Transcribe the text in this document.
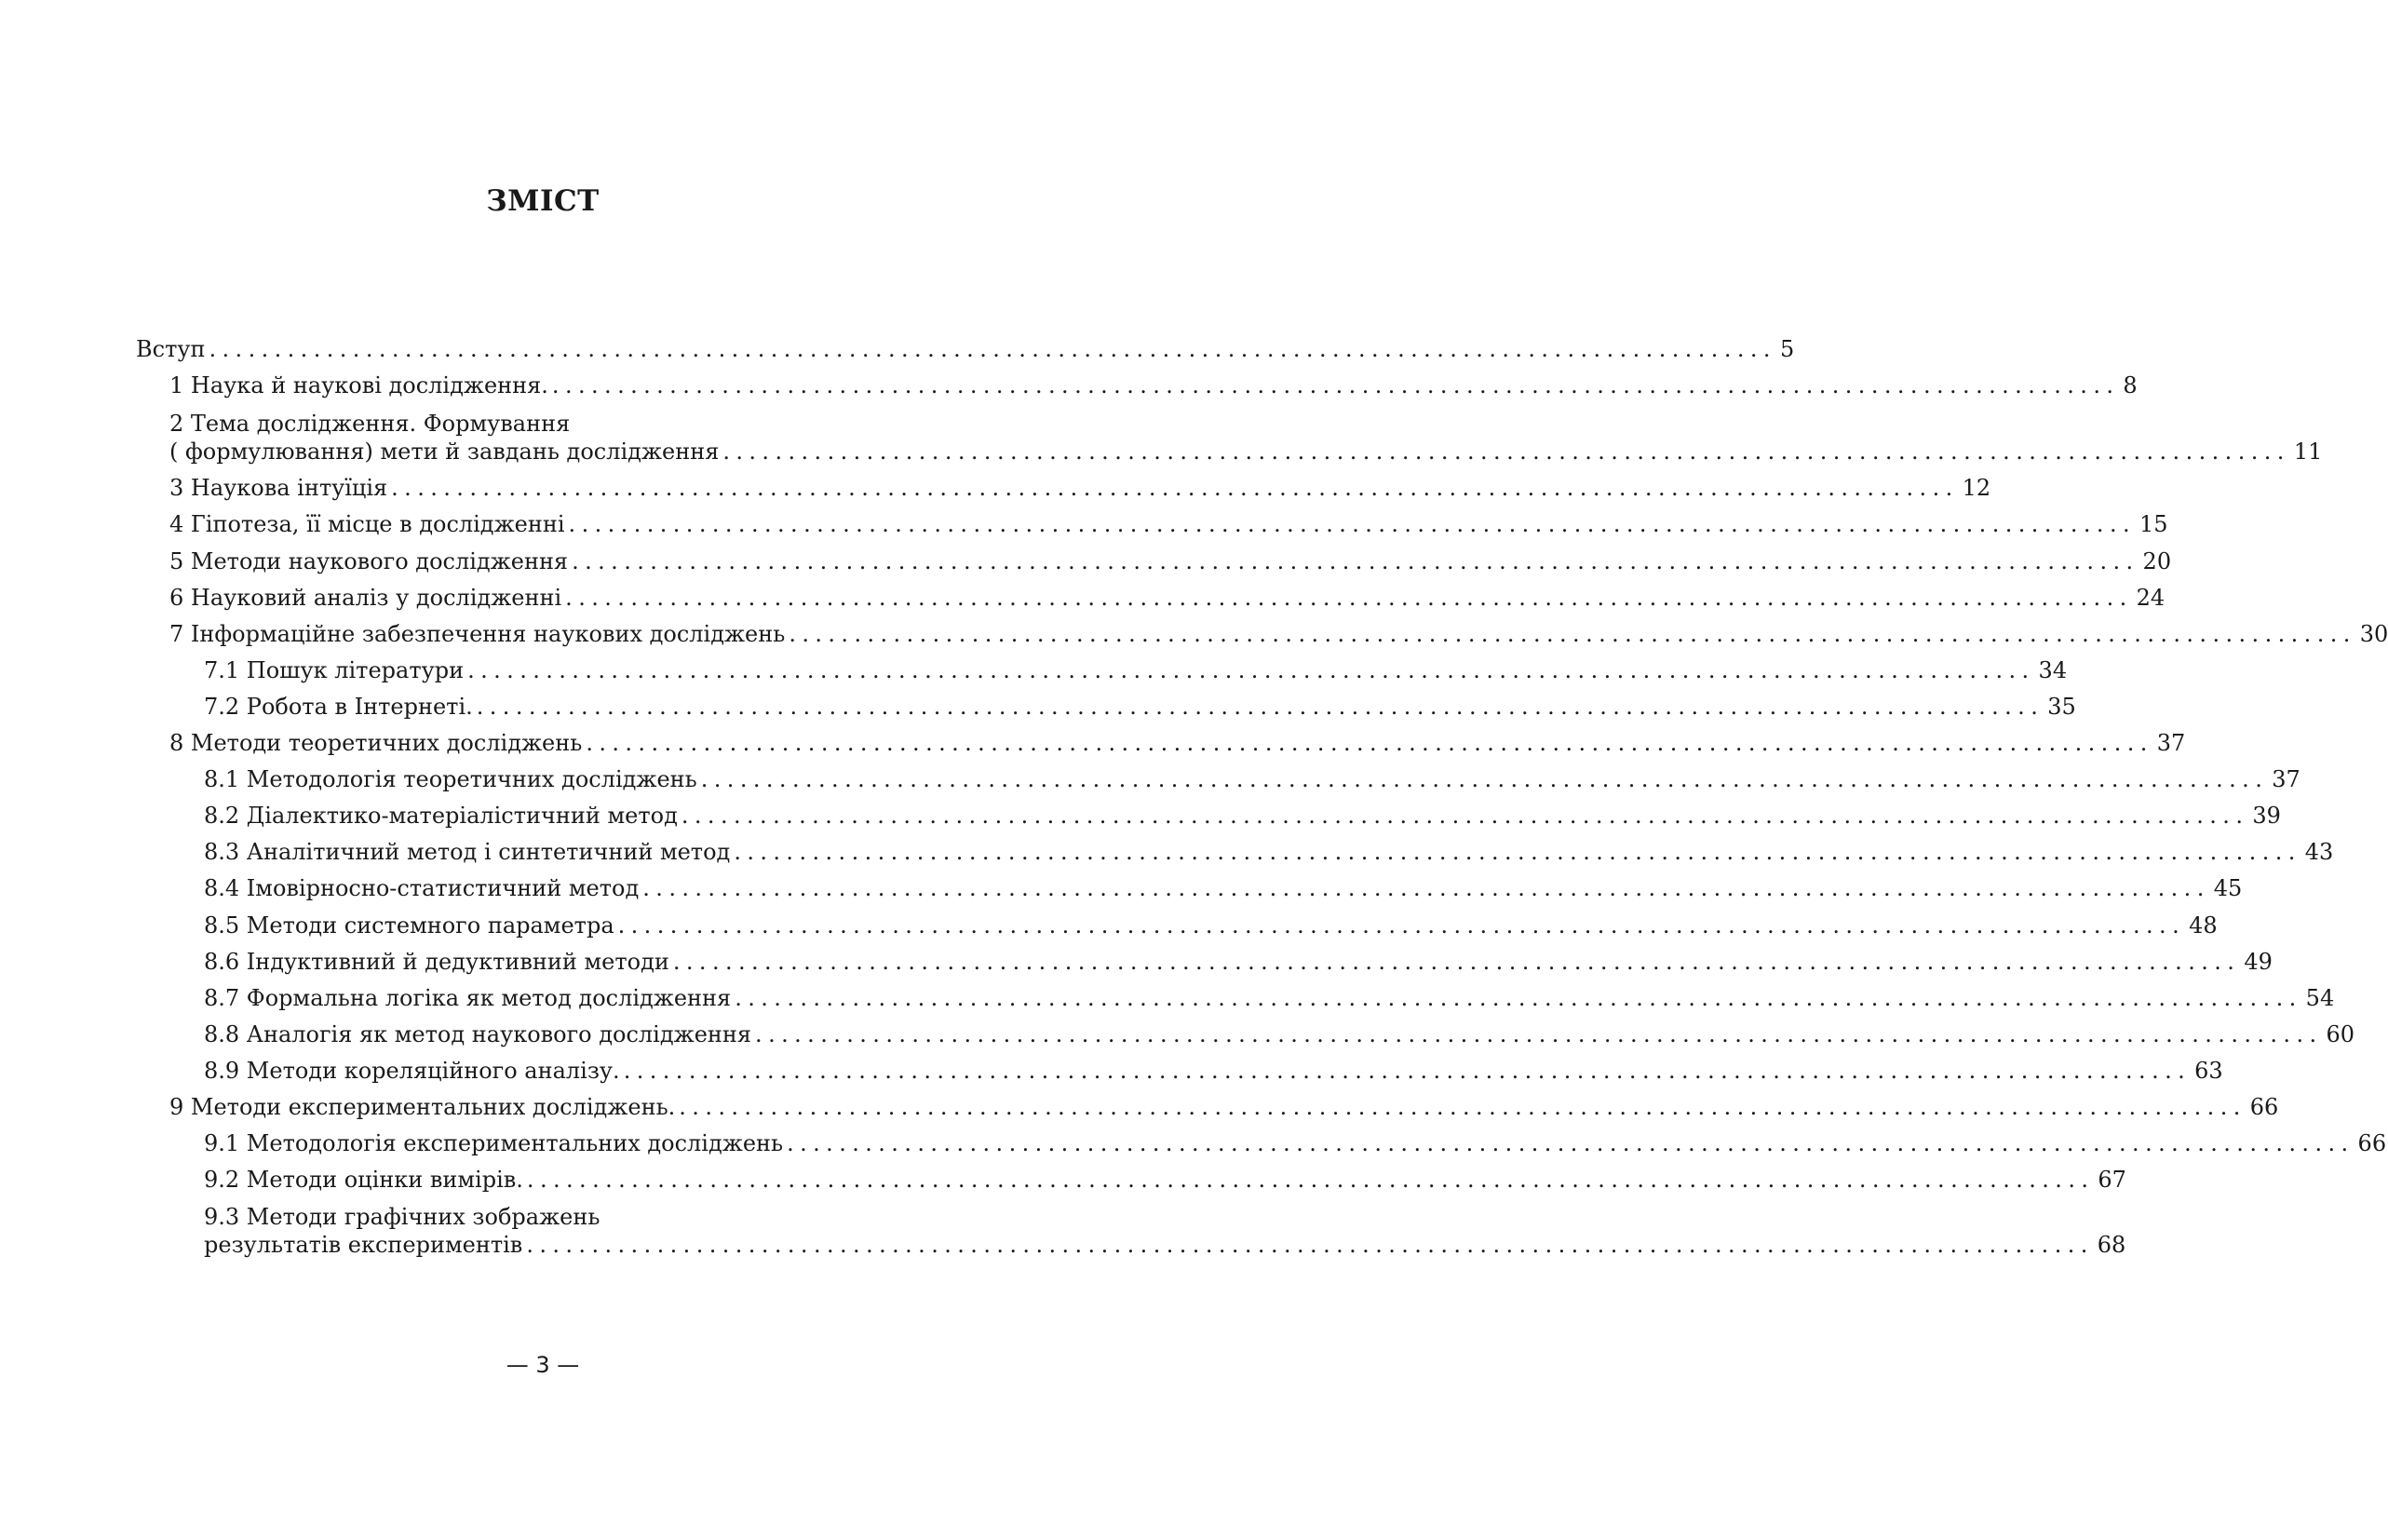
ЗМІСТ
Вступ ........................................................................................................................ 5
1 Наука й наукові дослідження. ........................................................................................................................ 8
2 Тема дослідження. Формування
( формулювання) мети й завдань дослідження ........................................................................................................................ 11
3 Наукова інтуїція ........................................................................................................................ 12
4 Гіпотеза, її місце в дослідженні ........................................................................................................................ 15
5 Методи наукового дослідження ........................................................................................................................ 20
6 Науковий аналіз у дослідженні ........................................................................................................................ 24
7 Інформаційне забезпечення наукових досліджень ........................................................................................................................ 30
7.1 Пошук літератури ........................................................................................................................ 34
7.2 Робота в Інтернеті. ........................................................................................................................ 35
8 Методи теоретичних досліджень ........................................................................................................................ 37
8.1 Методологія теоретичних досліджень ........................................................................................................................ 37
8.2 Діалектико-матеріалістичний метод ........................................................................................................................ 39
8.3 Аналітичний метод і синтетичний метод ........................................................................................................................ 43
8.4 Імовірносно-статистичний метод ........................................................................................................................ 45
8.5 Методи системного параметра ........................................................................................................................ 48
8.6 Індуктивний й дедуктивний методи ........................................................................................................................ 49
8.7 Формальна логіка як метод дослідження ........................................................................................................................ 54
8.8 Аналогія як метод наукового дослідження ........................................................................................................................ 60
8.9 Методи кореляційного аналізу. ........................................................................................................................ 63
9 Методи експериментальних досліджень. ........................................................................................................................ 66
9.1 Методологія експериментальних досліджень ........................................................................................................................ 66
9.2 Методи оцінки вимірів. ........................................................................................................................ 67
9.3 Методи графічних зображень
результатів експериментів ........................................................................................................................ 68
— 3 —
